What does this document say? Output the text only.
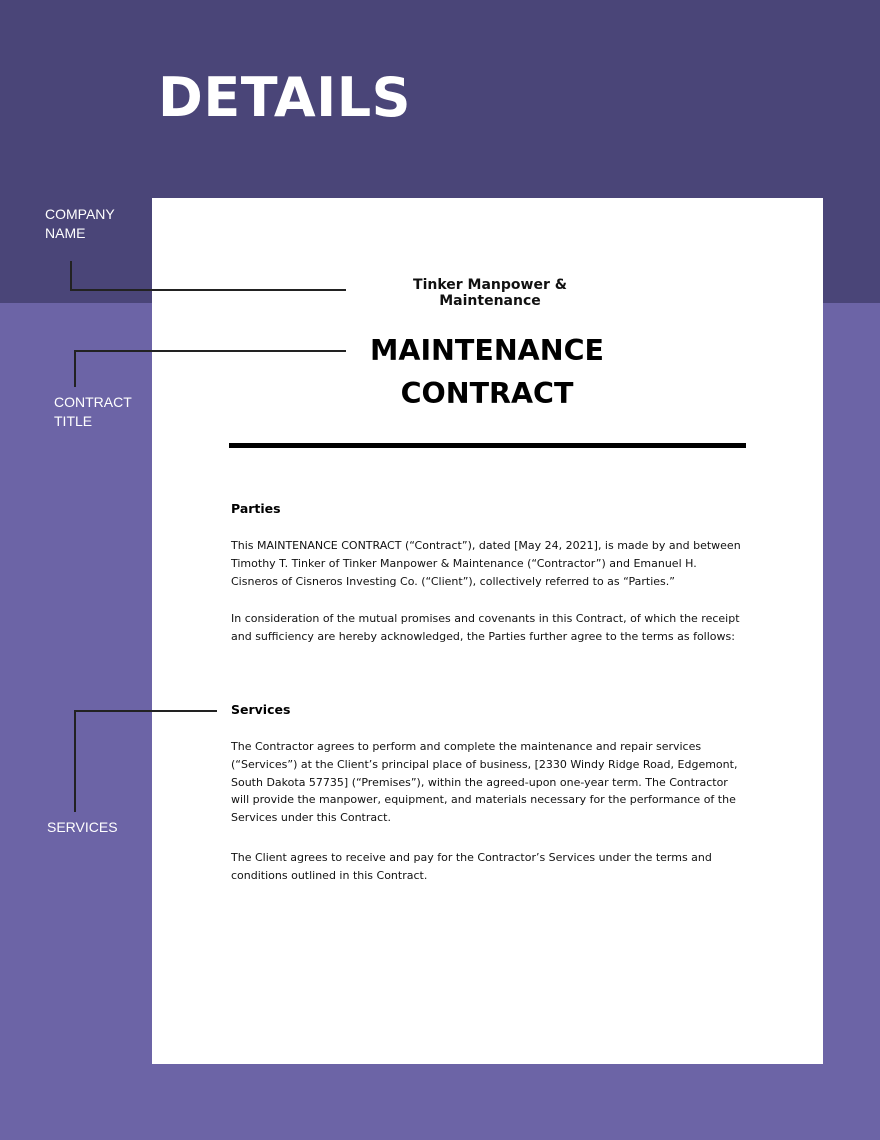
DETAILS
COMPANY
NAME
CONTRACT
TITLE
SERVICES
Tinker Manpower & Maintenance
MAINTENANCE
CONTRACT
Parties

This MAINTENANCE CONTRACT (“Contract”), dated [May 24, 2021], is made by and between Timothy T. Tinker of Tinker Manpower & Maintenance (“Contractor”) and Emanuel H. Cisneros of Cisneros Investing Co. (“Client”), collectively referred to as “Parties.”

In consideration of the mutual promises and covenants in this Contract, of which the receipt and sufficiency are hereby acknowledged, the Parties further agree to the terms as follows:

Services

The Contractor agrees to perform and complete the maintenance and repair services (“Services”) at the Client’s principal place of business, [2330 Windy Ridge Road, Edgemont, South Dakota 57735] (“Premises”), within the agreed-upon one-year term. The Contractor will provide the manpower, equipment, and materials necessary for the performance of the Services under this Contract.

The Client agrees to receive and pay for the Contractor’s Services under the terms and conditions outlined in this Contract.
